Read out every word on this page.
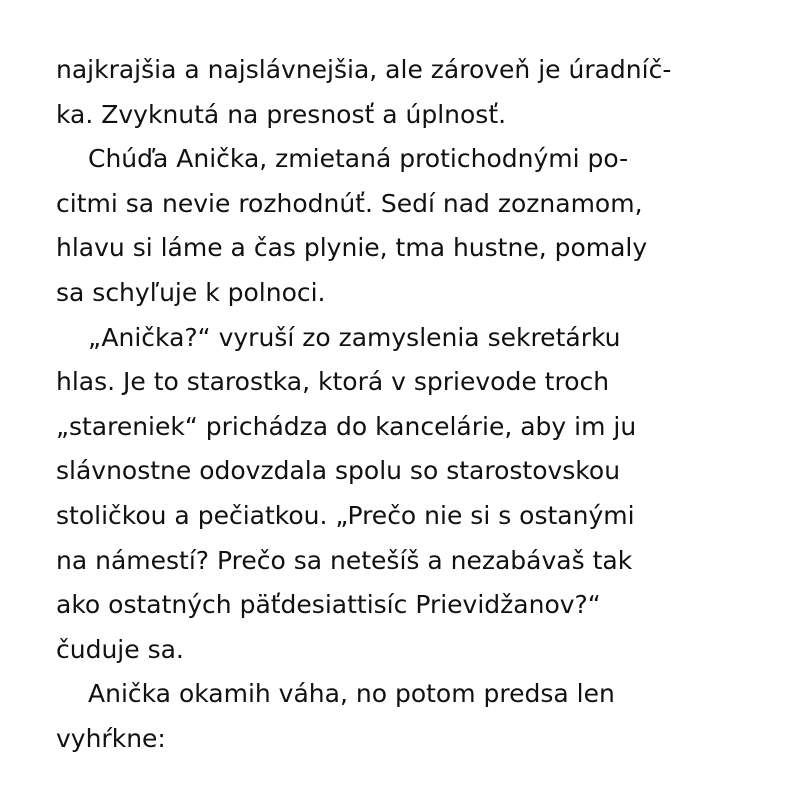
najkrajšia a najslávnejšia, ale zároveň je úradníč-
ka. Zvyknutá na presnosť a úplnosť.
Chúďa Anička, zmietaná protichodnými po-
citmi sa nevie rozhodnúť. Sedí nad zoznamom,
hlavu si láme a čas plynie, tma hustne, pomaly
sa schyľuje k polnoci.
„Anička?“ vyruší zo zamyslenia sekretárku
hlas. Je to starostka, ktorá v sprievode troch
„stareniek“ prichádza do kancelárie, aby im ju
slávnostne odovzdala spolu so starostovskou
stoličkou a pečiatkou. „Prečo nie si s ostanými
na námestí? Prečo sa netešíš a nezabávaš tak
ako ostatných päťdesiattisíc Prievidžanov?“
čuduje sa.
Anička okamih váha, no potom predsa len
vyhŕkne:
